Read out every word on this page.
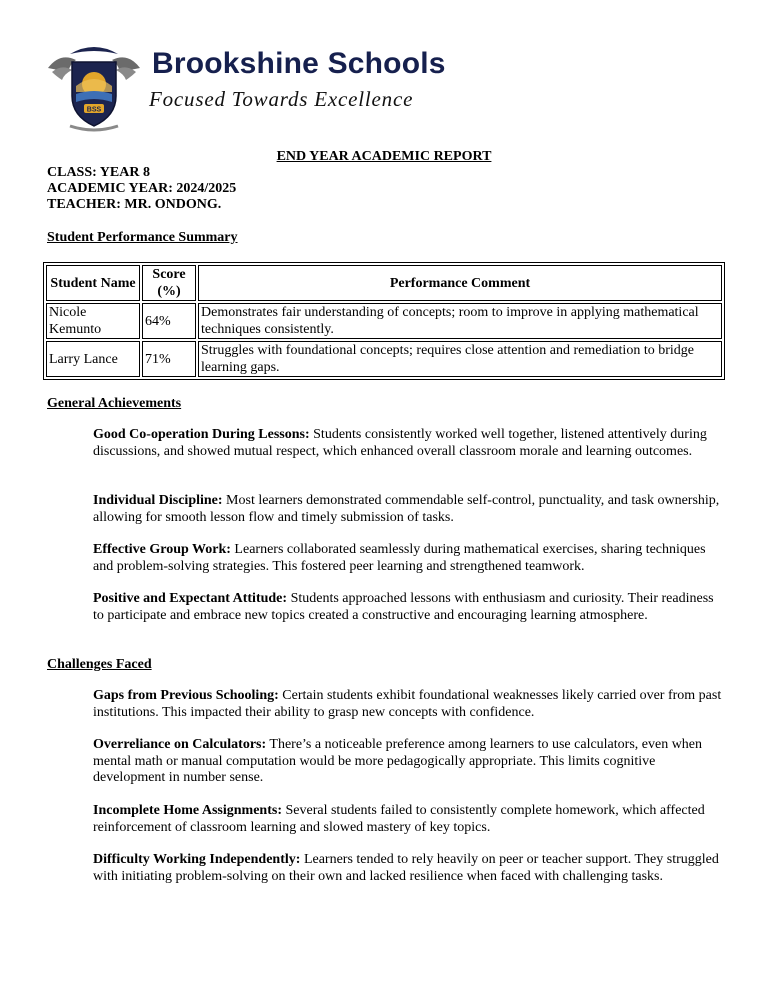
BSS
Brookshine Schools
Focused Towards Excellence
END YEAR ACADEMIC REPORT
CLASS: YEAR 8
ACADEMIC YEAR: 2024/2025
TEACHER: MR. ONDONG.
Student Performance Summary
Student Name	Score (%)	Performance Comment
Nicole Kemunto	64%	Demonstrates fair understanding of concepts; room to improve in applying mathematical techniques consistently.
Larry Lance	71%	Struggles with foundational concepts; requires close attention and remediation to bridge learning gaps.
General Achievements

Good Co-operation During Lessons: Students consistently worked well together, listened attentively during discussions, and showed mutual respect, which enhanced overall classroom morale and learning outcomes.

Individual Discipline: Most learners demonstrated commendable self-control, punctuality, and task ownership, allowing for smooth lesson flow and timely submission of tasks.

Effective Group Work: Learners collaborated seamlessly during mathematical exercises, sharing techniques and problem-solving strategies. This fostered peer learning and strengthened teamwork.

Positive and Expectant Attitude: Students approached lessons with enthusiasm and curiosity. Their readiness to participate and embrace new topics created a constructive and encouraging learning atmosphere.

Challenges Faced

Gaps from Previous Schooling: Certain students exhibit foundational weaknesses likely carried over from past institutions. This impacted their ability to grasp new concepts with confidence.

Overreliance on Calculators: There’s a noticeable preference among learners to use calculators, even when mental math or manual computation would be more pedagogically appropriate. This limits cognitive development in number sense.

Incomplete Home Assignments: Several students failed to consistently complete homework, which affected reinforcement of classroom learning and slowed mastery of key topics.

Difficulty Working Independently: Learners tended to rely heavily on peer or teacher support. They struggled with initiating problem-solving on their own and lacked resilience when faced with challenging tasks.
